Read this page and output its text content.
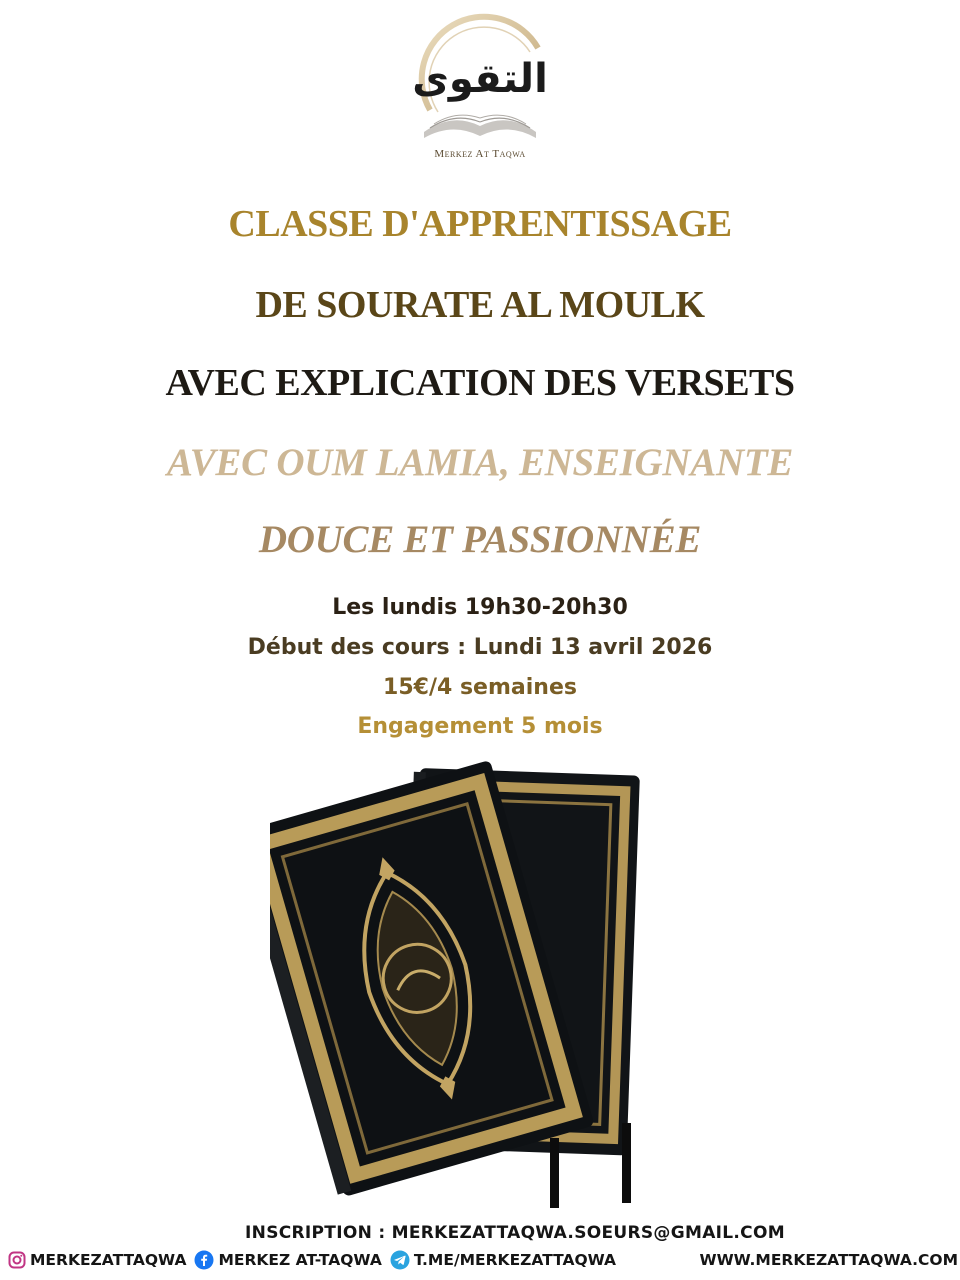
التقوى
Merkez At Taqwa
CLASSE D'APPRENTISSAGE
DE SOURATE AL MOULK
AVEC EXPLICATION DES VERSETS
AVEC OUM LAMIA, ENSEIGNANTE
DOUCE ET PASSIONNÉE
Les lundis 19h30-20h30
Début des cours : Lundi 13 avril 2026
15€/4 semaines
Engagement 5 mois
INSCRIPTION : MERKEZATTAQWA.SOEURS@GMAIL.COM
MERKEZATTAQWA MERKEZ AT-TAQWA T.ME/MERKEZATTAQWA	WWW.MERKEZATTAQWA.COM
